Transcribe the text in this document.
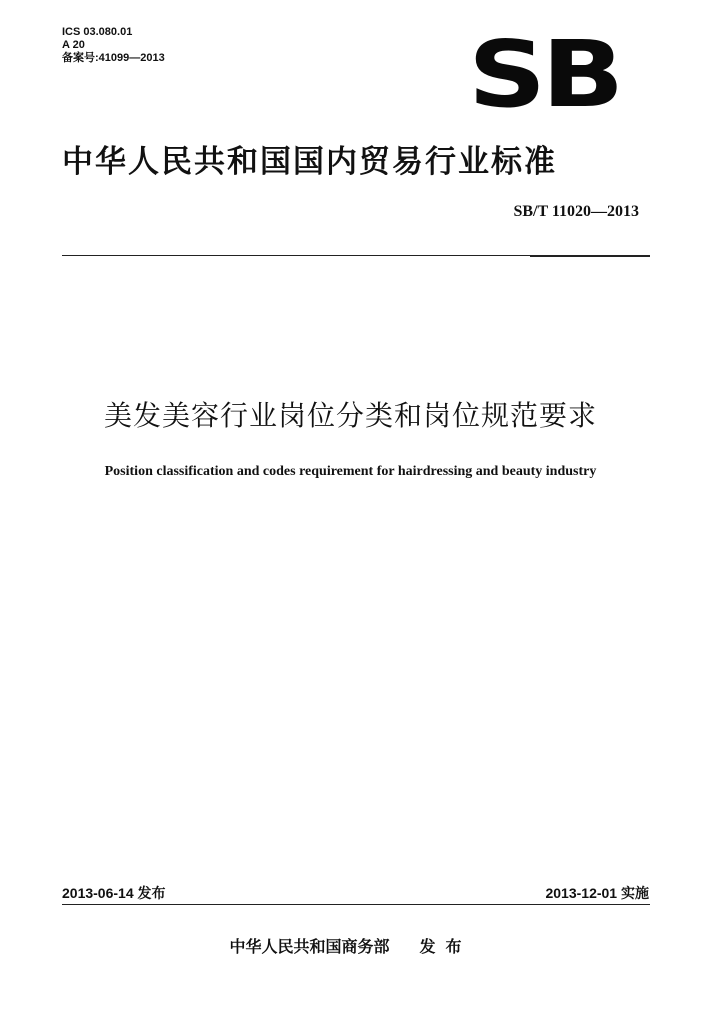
ICS 03.080.01
A 20
备案号:41099—2013	SB
中华人民共和国国内贸易行业标准
SB/T 11020—2013
美发美容行业岗位分类和岗位规范要求
Position classification and codes requirement for hairdressing and beauty industry
2013-06-14 发布	2013-12-01 实施
中华人民共和国商务部 发布
